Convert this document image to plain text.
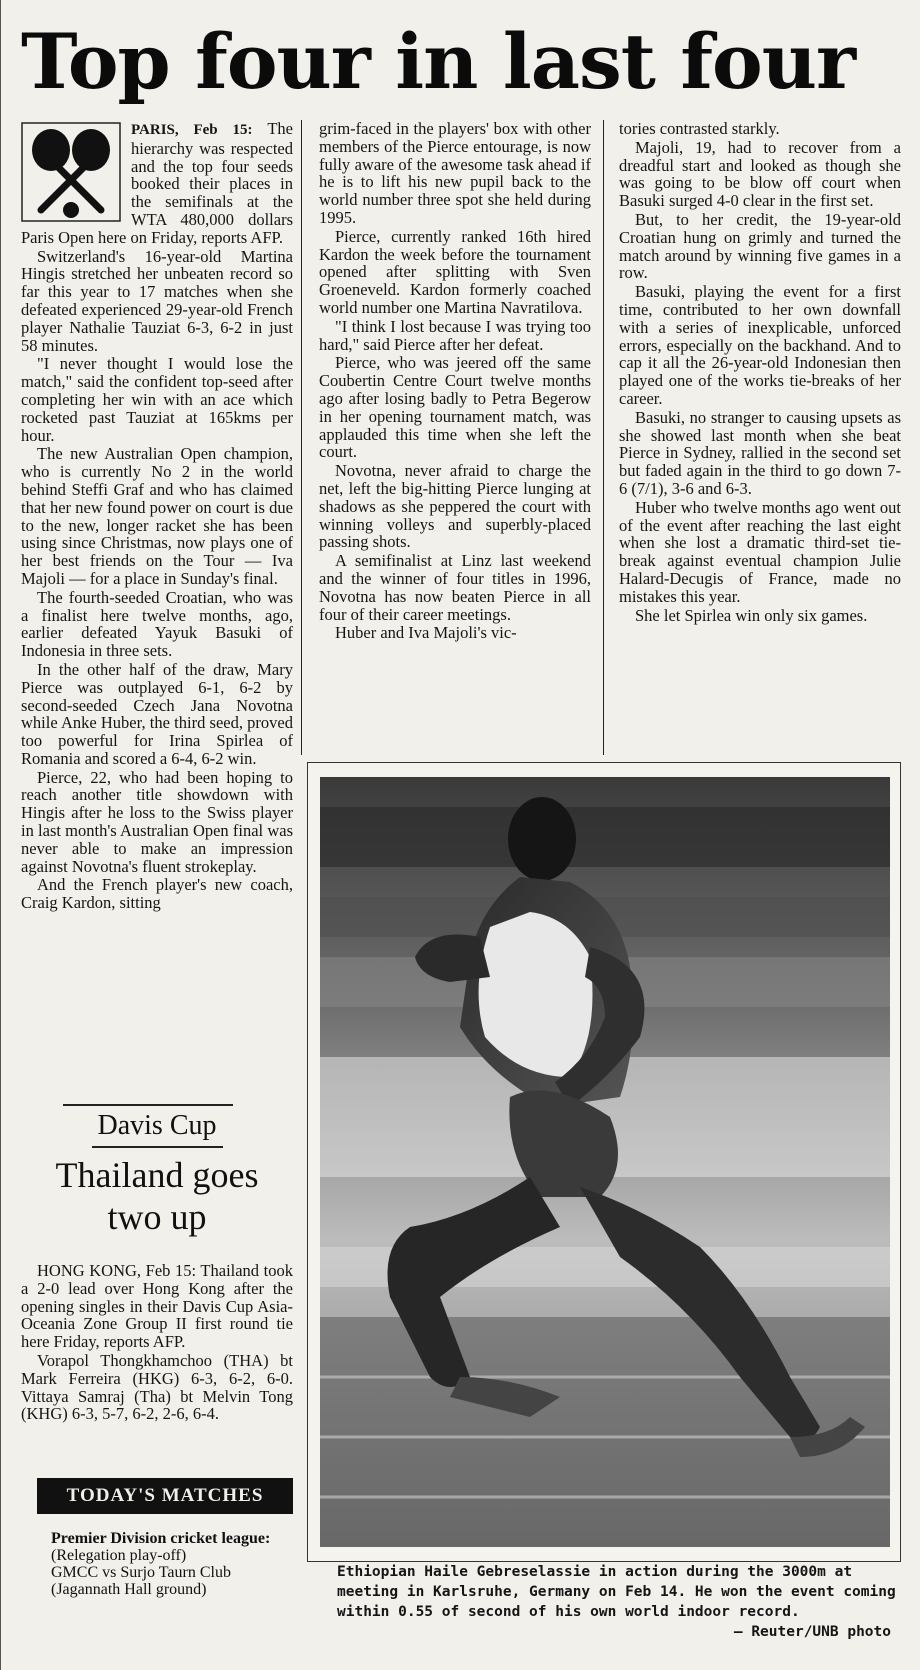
Top four in last four

PARIS, Feb 15: The hierarchy was respected and the top four seeds booked their places in the semifinals at the WTA 480,000 dollars Paris Open here on Friday, reports AFP.

Switzerland's 16-year-old Martina Hingis stretched her unbeaten record so far this year to 17 matches when she defeated experienced 29-year-old French player Nathalie Tauziat 6-3, 6-2 in just 58 minutes.

"I never thought I would lose the match," said the confident top-seed after completing her win with an ace which rocketed past Tauziat at 165kms per hour.

The new Australian Open champion, who is currently No 2 in the world behind Steffi Graf and who has claimed that her new found power on court is due to the new, longer racket she has been using since Christmas, now plays one of her best friends on the Tour — Iva Majoli — for a place in Sunday's final.

The fourth-seeded Croatian, who was a finalist here twelve months, ago, earlier defeated Yayuk Basuki of Indonesia in three sets.

In the other half of the draw, Mary Pierce was outplayed 6-1, 6-2 by second-seeded Czech Jana Novotna while Anke Huber, the third seed, proved too powerful for Irina Spirlea of Romania and scored a 6-4, 6-2 win.

Pierce, 22, who had been hoping to reach another title showdown with Hingis after he loss to the Swiss player in last month's Australian Open final was never able to make an impression against Novotna's fluent strokeplay.

And the French player's new coach, Craig Kardon, sitting

grim-faced in the players' box with other members of the Pierce entourage, is now fully aware of the awesome task ahead if he is to lift his new pupil back to the world number three spot she held during 1995.

Pierce, currently ranked 16th hired Kardon the week before the tournament opened after splitting with Sven Groeneveld. Kardon formerly coached world number one Martina Navratilova.

"I think I lost because I was trying too hard," said Pierce after her defeat.

Pierce, who was jeered off the same Coubertin Centre Court twelve months ago after losing badly to Petra Begerow in her opening tournament match, was applauded this time when she left the court.

Novotna, never afraid to charge the net, left the big-hitting Pierce lunging at shadows as she peppered the court with winning volleys and superbly-placed passing shots.

A semifinalist at Linz last weekend and the winner of four titles in 1996, Novotna has now beaten Pierce in all four of their career meetings.

Huber and Iva Majoli's vic-

tories contrasted starkly.

Majoli, 19, had to recover from a dreadful start and looked as though she was going to be blow off court when Basuki surged 4-0 clear in the first set.

But, to her credit, the 19-year-old Croatian hung on grimly and turned the match around by winning five games in a row.

Basuki, playing the event for a first time, contributed to her own downfall with a series of inexplicable, unforced errors, especially on the backhand. And to cap it all the 26-year-old Indonesian then played one of the works tie-breaks of her career.

Basuki, no stranger to causing upsets as she showed last month when she beat Pierce in Sydney, rallied in the second set but faded again in the third to go down 7-6 (7/1), 3-6 and 6-3.

Huber who twelve months ago went out of the event after reaching the last eight when she lost a dramatic third-set tie-break against eventual champion Julie Halard-Decugis of France, made no mistakes this year.

She let Spirlea win only six games.

Davis Cup
Thailand goes
two up

HONG KONG, Feb 15: Thailand took a 2-0 lead over Hong Kong after the opening singles in their Davis Cup Asia-Oceania Zone Group II first round tie here Friday, reports AFP.

Vorapol Thongkhamchoo (THA) bt Mark Ferreira (HKG) 6-3, 6-2, 6-0. Vittaya Samraj (Tha) bt Melvin Tong (KHG) 6-3, 5-7, 6-2, 2-6, 6-4.

TODAY'S MATCHES
Premier Division cricket league:
(Relegation play-off)
GMCC vs Surjo Taurn Club
(Jagannath Hall ground)
Ethiopian Haile Gebreselassie in action during the 3000m at meeting in Karlsruhe, Germany on Feb 14. He won the event coming within 0.55 of second of his own world indoor record.
— Reuter/UNB photo
